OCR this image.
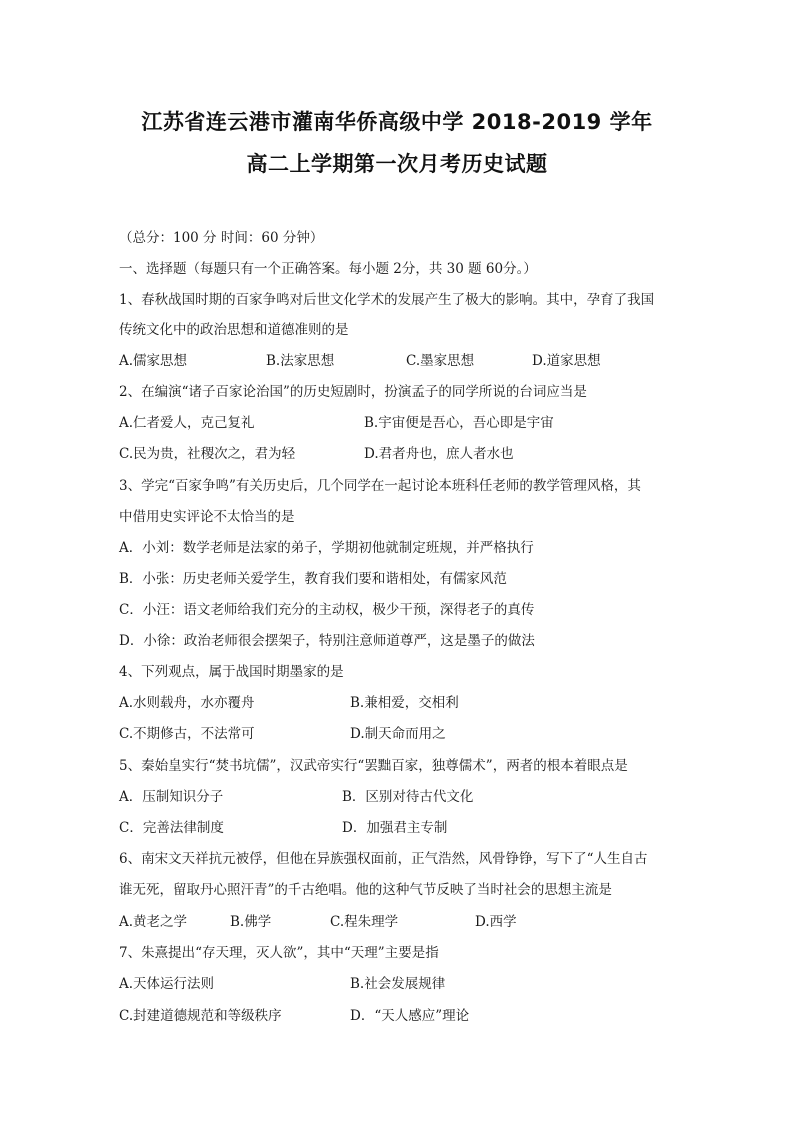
江苏省连云港市灌南华侨高级中学 2018-2019 学年
高二上学期第一次月考历史试题
（总分：100 分 时间：60 分钟）
一、选择题（每题只有一个正确答案。每小题 2分，共 30 题 60分。）
1、春秋战国时期的百家争鸣对后世文化学术的发展产生了极大的影响。其中，孕育了我国
传统文化中的政治思想和道德准则的是
A.儒家思想	B.法家思想	C.墨家思想	D.道家思想
2、在编演“诸子百家论治国”的历史短剧时，扮演孟子的同学所说的台词应当是
A.仁者爱人，克己复礼	B.宇宙便是吾心，吾心即是宇宙
C.民为贵，社稷次之，君为轻	D.君者舟也，庶人者水也
3、学完“百家争鸣”有关历史后，几个同学在一起讨论本班科任老师的教学管理风格，其
中借用史实评论不太恰当的是
A．小刘：数学老师是法家的弟子，学期初他就制定班规，并严格执行
B．小张：历史老师关爱学生，教育我们要和谐相处，有儒家风范
C．小汪：语文老师给我们充分的主动权，极少干预，深得老子的真传
D．小徐：政治老师很会摆架子，特别注意师道尊严，这是墨子的做法
4、下列观点，属于战国时期墨家的是
A.水则载舟，水亦覆舟	B.兼相爱，交相利
C.不期修古，不法常可	D.制天命而用之
5、秦始皇实行“焚书坑儒”，汉武帝实行“罢黜百家，独尊儒术”，两者的根本着眼点是
A．压制知识分子	B．区别对待古代文化
C．完善法律制度	D．加强君主专制
6、南宋文天祥抗元被俘，但他在异族强权面前，正气浩然，风骨铮铮，写下了“人生自古
谁无死，留取丹心照汗青”的千古绝唱。他的这种气节反映了当时社会的思想主流是
A.黄老之学	B.佛学	C.程朱理学	D.西学
7、朱熹提出“存天理，灭人欲”，其中“天理”主要是指
A.天体运行法则	B.社会发展规律
C.封建道德规范和等级秩序	D．“天人感应”理论
